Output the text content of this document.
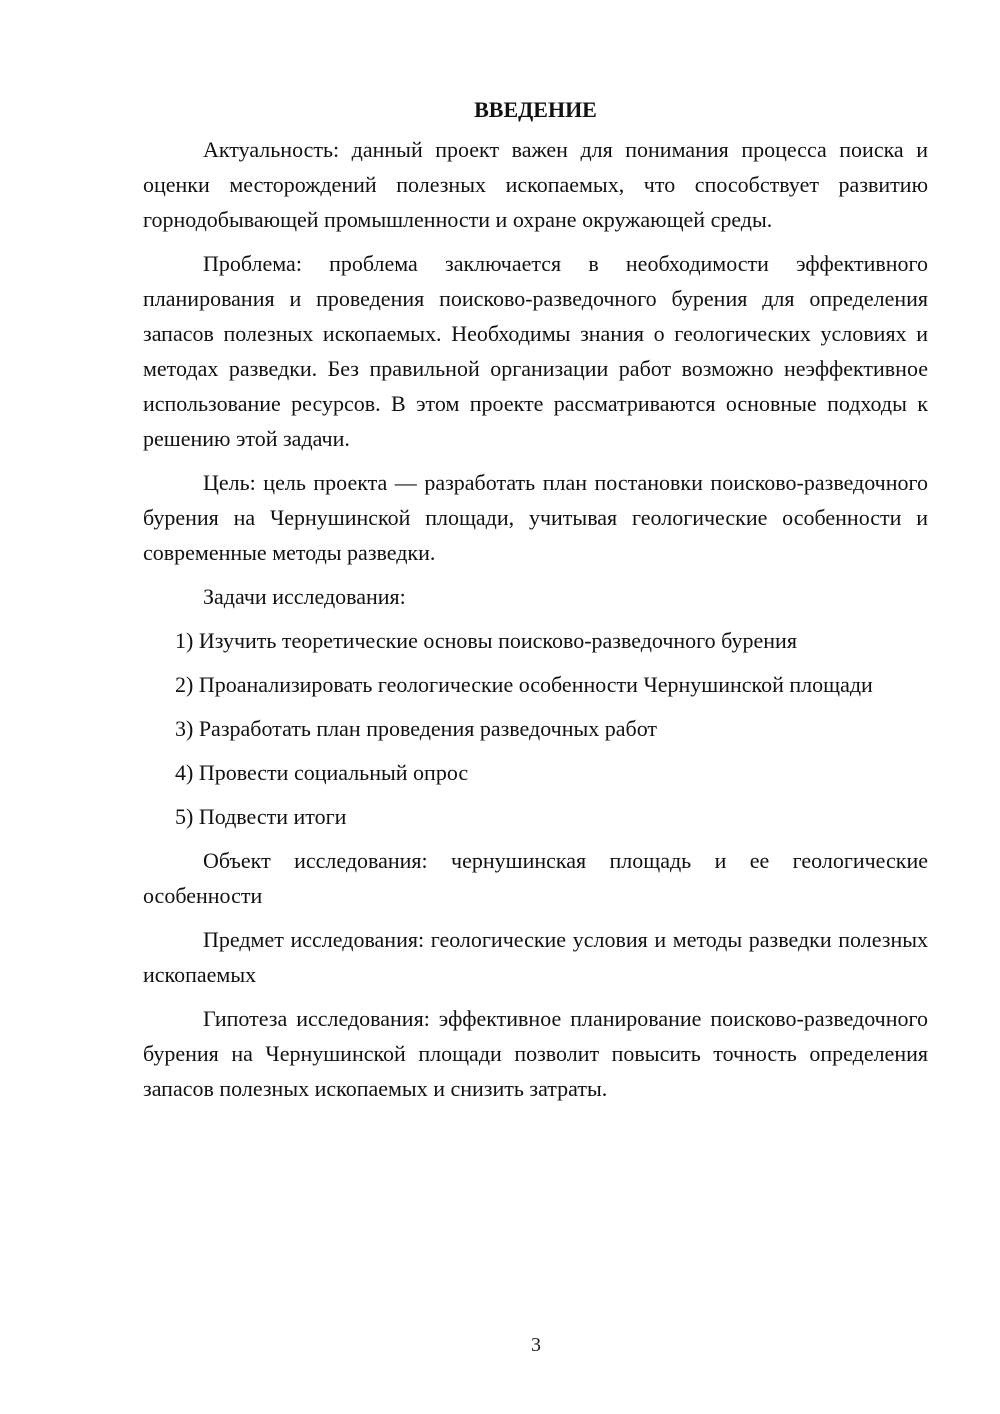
ВВЕДЕНИЕ

Актуальность: данный проект важен для понимания процесса поиска и оценки месторождений полезных ископаемых, что способствует развитию горнодобывающей промышленности и охране окружающей среды.

Проблема: проблема заключается в необходимости эффективного планирования и проведения поисково-разведочного бурения для определения запасов полезных ископаемых. Необходимы знания о геологических условиях и методах разведки. Без правильной организации работ возможно неэффективное использование ресурсов. В этом проекте рассматриваются основные подходы к решению этой задачи.

Цель: цель проекта — разработать план постановки поисково-разведочного бурения на Чернушинской площади, учитывая геологические особенности и современные методы разведки.

Задачи исследования:

1) Изучить теоретические основы поисково-разведочного бурения

2) Проанализировать геологические особенности Чернушинской площади

3) Разработать план проведения разведочных работ

4) Провести социальный опрос

5) Подвести итоги

Объект исследования: чернушинская площадь и ее геологические особенности

Предмет исследования: геологические условия и методы разведки полезных ископаемых

Гипотеза исследования: эффективное планирование поисково-разведочного бурения на Чернушинской площади позволит повысить точность определения запасов полезных ископаемых и снизить затраты.

3
